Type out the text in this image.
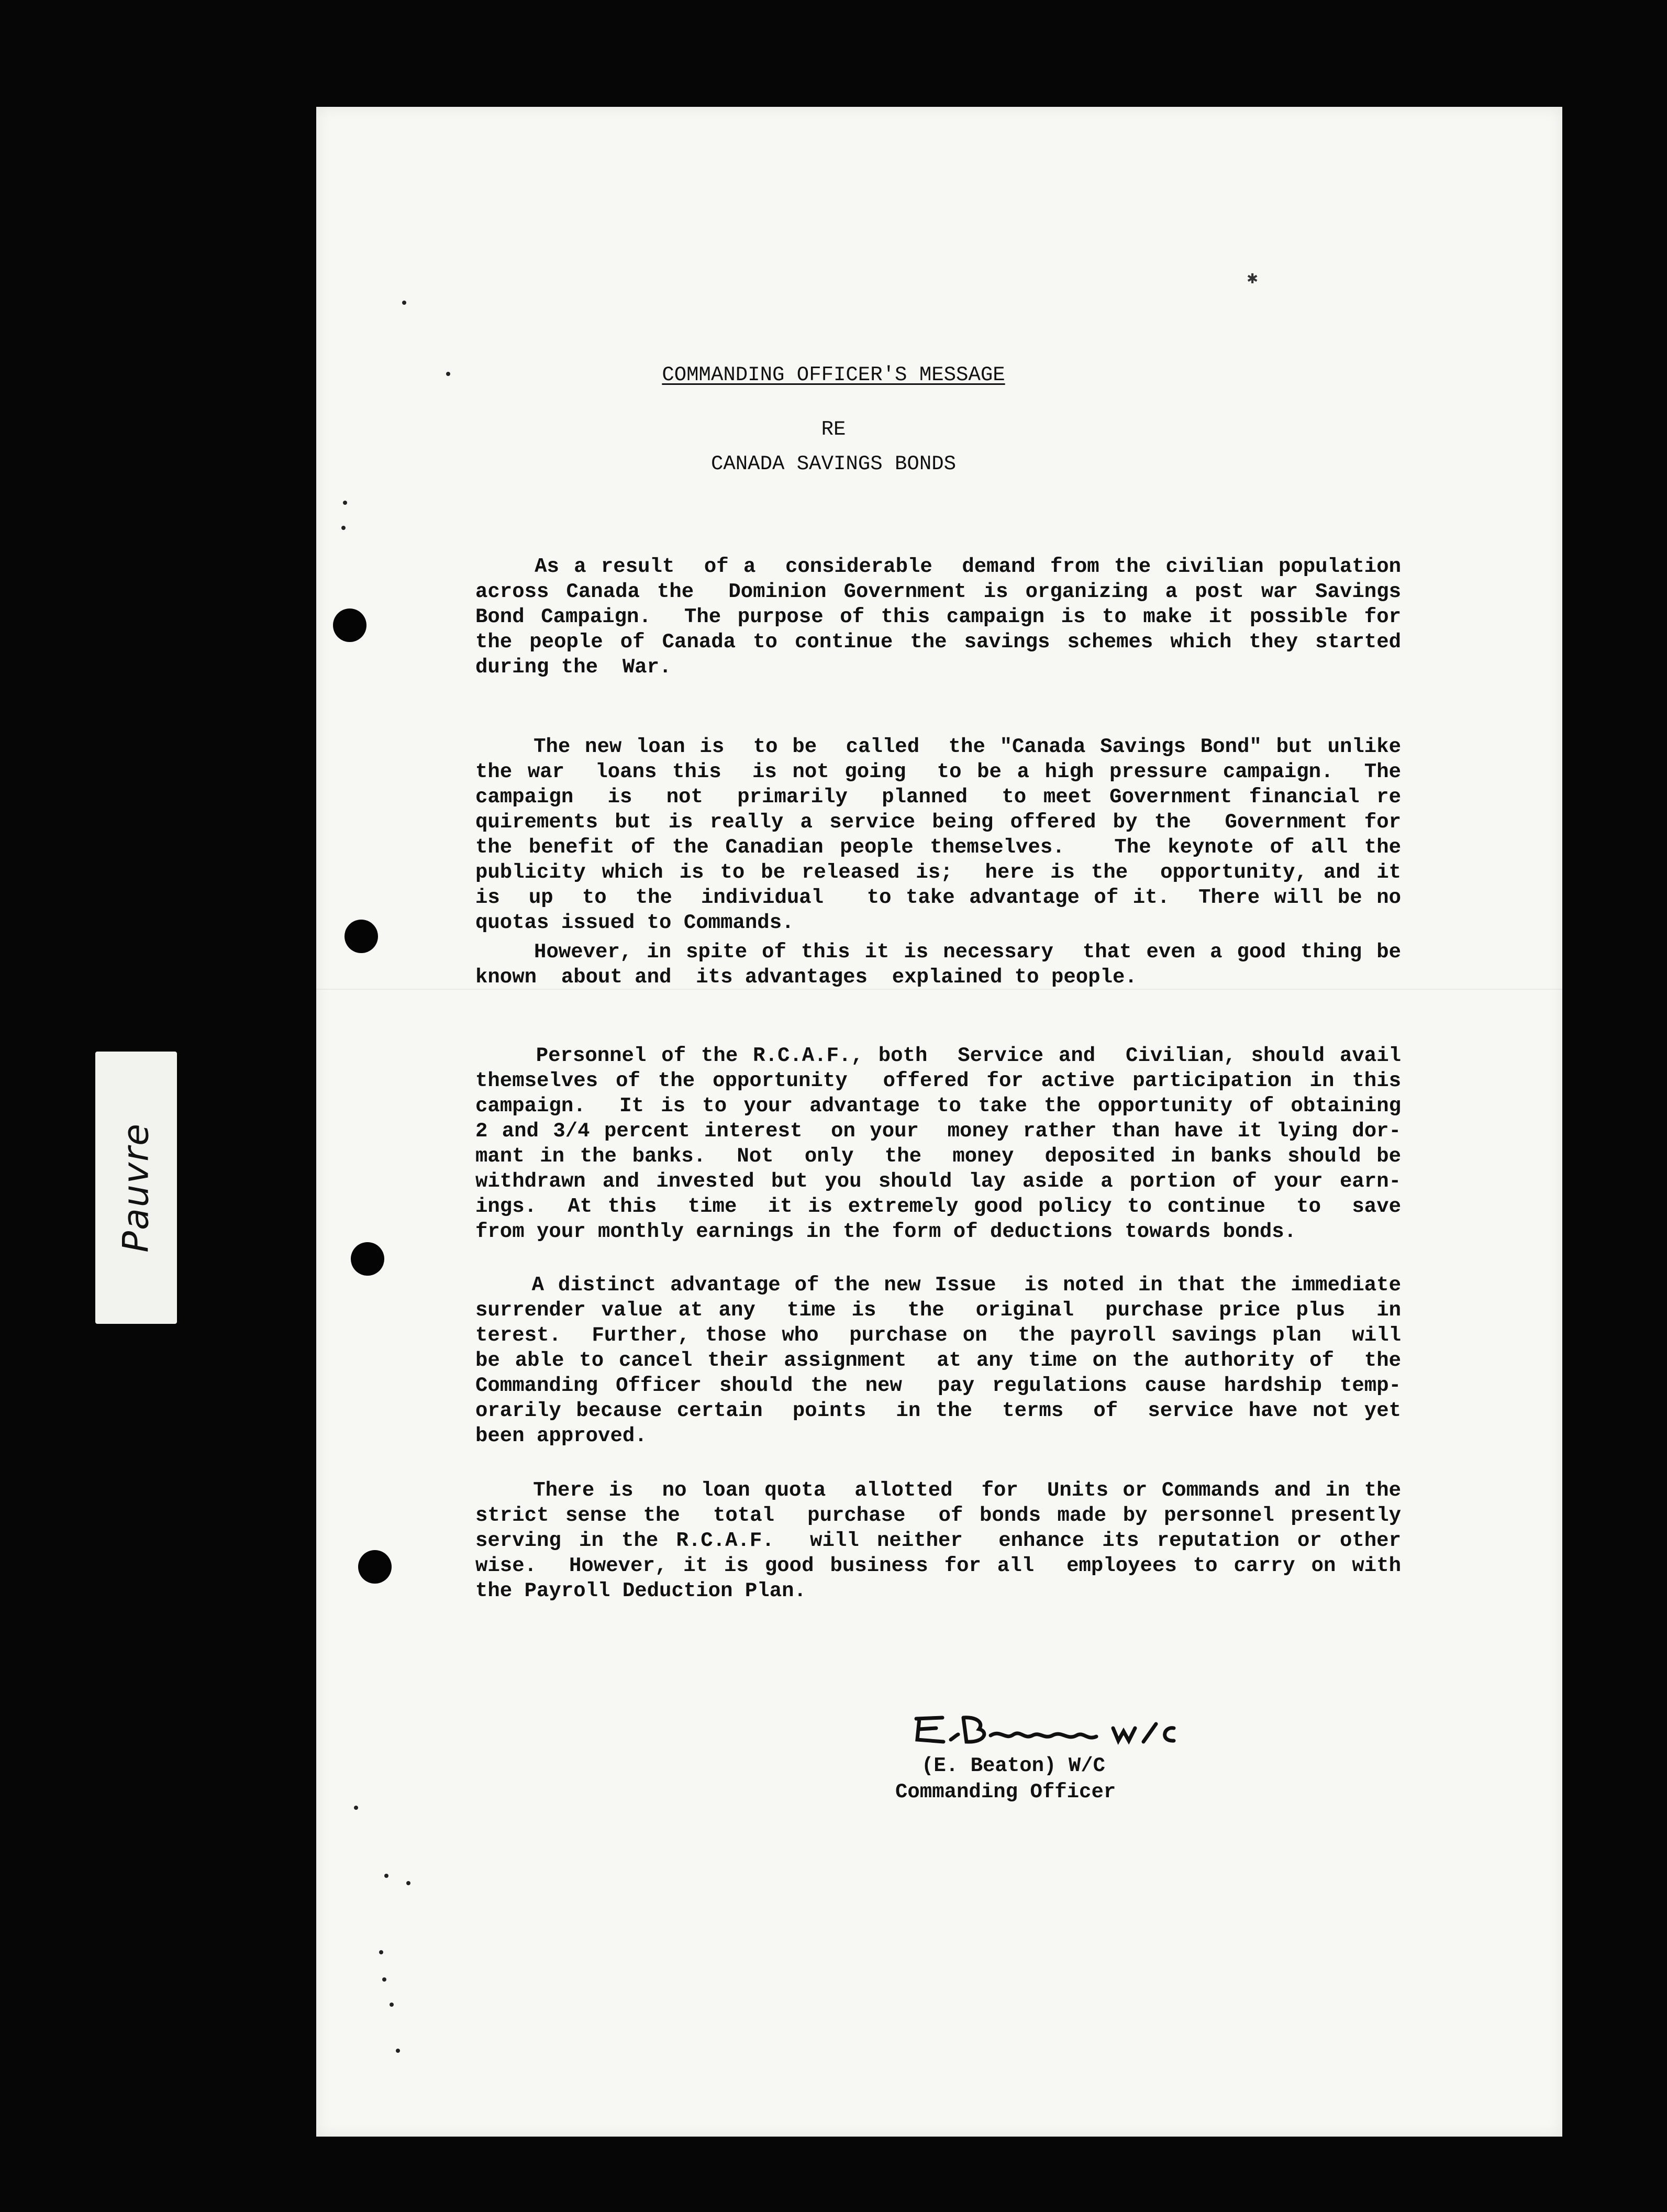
Pauvre
✱
COMMANDING OFFICER'S MESSAGE
RE
CANADA SAVINGS BONDS
As a result  of a  considerable  demand from the civilian population
across Canada the  Dominion Government is organizing a post war Savings
Bond Campaign.  The purpose of this campaign is to make it possible for
the people of Canada to continue the savings schemes which they started
during the  War.
The new loan is  to be  called  the "Canada Savings Bond" but unlike
the war  loans this  is not going  to be a high pressure campaign.  The
campaign  is  not  primarily  planned  to meet Government financial re
quirements but is really a service being offered by the  Government for
the benefit of the Canadian people themselves.   The keynote of all the
publicity which is to be released is;  here is the  opportunity, and it
is  up  to  the  individual   to take advantage of it.  There will be no
quotas issued to Commands.
However, in spite of this it is necessary  that even a good thing be
known  about and  its advantages  explained to people.
Personnel of the R.C.A.F., both  Service and  Civilian, should avail
themselves of the opportunity  offered for active participation in this
campaign.  It is to your advantage to take the opportunity of obtaining
2 and 3/4 percent interest  on your  money rather than have it lying dor-
mant in the banks.  Not  only  the  money  deposited in banks should be
withdrawn and invested but you should lay aside a portion of your earn-
ings.  At this  time  it is extremely good policy to continue  to  save
from your monthly earnings in the form of deductions towards bonds.
A distinct advantage of the new Issue  is noted in that the immediate
surrender value at any  time is  the  original  purchase price plus  in
terest.  Further, those who  purchase on  the payroll savings plan  will
be able to cancel their assignment  at any time on the authority of  the
Commanding Officer should the new  pay regulations cause hardship temp-
orarily because certain  points  in the  terms  of  service have not yet
been approved.
There is  no loan quota  allotted  for  Units or Commands and in the
strict sense the  total  purchase  of bonds made by personnel presently
serving in the R.C.A.F.  will neither  enhance its reputation or other
wise.  However, it is good business for all  employees to carry on with
the Payroll Deduction Plan.
E. Beaton W/C
(E. Beaton) W/C
Commanding Officer
